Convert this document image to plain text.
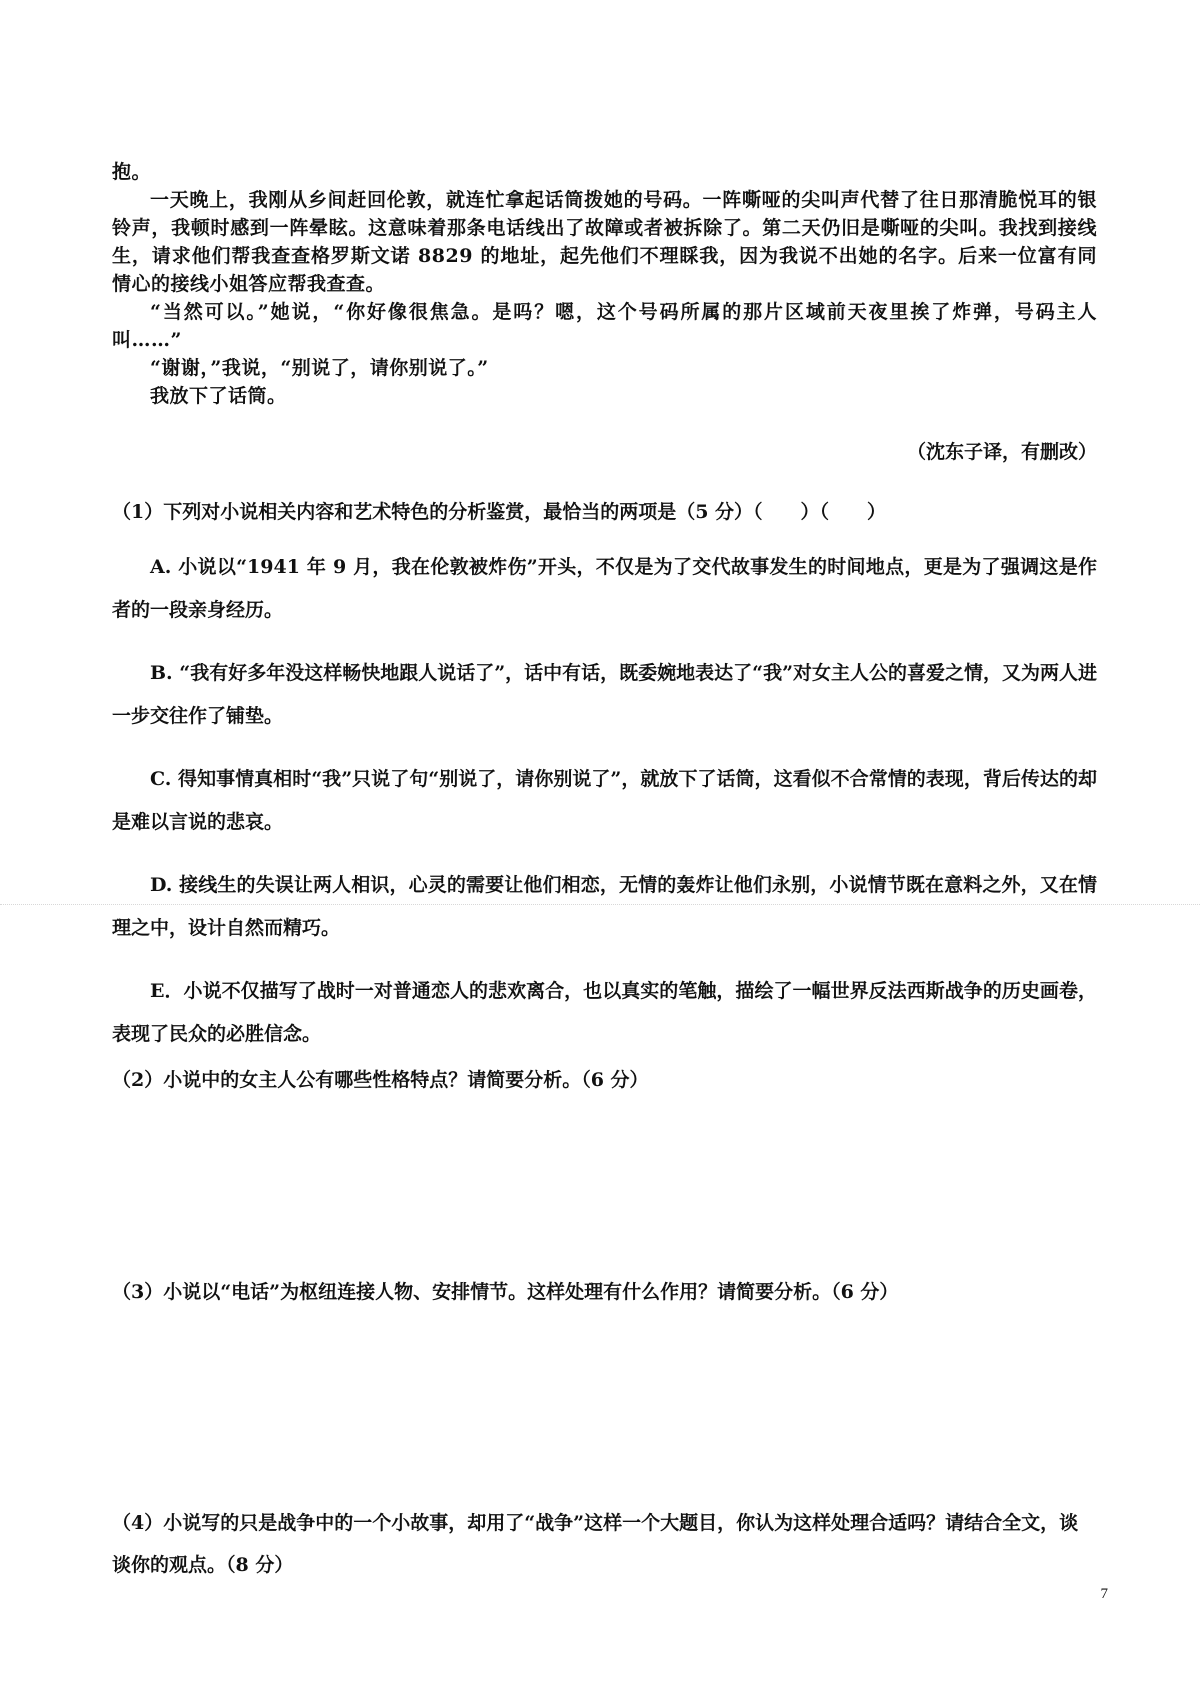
抱。

一天晚上，我刚从乡间赶回伦敦，就连忙拿起话筒拨她的号码。一阵嘶哑的尖叫声代替了往日那清脆悦耳的银铃声，我顿时感到一阵晕眩。这意味着那条电话线出了故障或者被拆除了。第二天仍旧是嘶哑的尖叫。我找到接线生，请求他们帮我查查格罗斯文诺 8829 的地址，起先他们不理睬我，因为我说不出她的名字。后来一位富有同情心的接线小姐答应帮我查查。

“当然可以。”她说，“你好像很焦急。是吗？嗯，这个号码所属的那片区域前天夜里挨了炸弹，号码主人叫……”

“谢谢，”我说，“别说了，请你别说了。”

我放下了话筒。

（沈东子译，有删改）

（1）下列对小说相关内容和艺术特色的分析鉴赏，最恰当的两项是（5 分）（　　）（　　）

A. 小说以“1941 年 9 月，我在伦敦被炸伤”开头，不仅是为了交代故事发生的时间地点，更是为了强调这是作者的一段亲身经历。

B. “我有好多年没这样畅快地跟人说话了”，话中有话，既委婉地表达了“我”对女主人公的喜爱之情，又为两人进一步交往作了铺垫。

C. 得知事情真相时“我”只说了句“别说了，请你别说了”，就放下了话筒，这看似不合常情的表现，背后传达的却是难以言说的悲哀。

D. 接线生的失误让两人相识，心灵的需要让他们相恋，无情的轰炸让他们永别，小说情节既在意料之外，又在情理之中，设计自然而精巧。

E．小说不仅描写了战时一对普通恋人的悲欢离合，也以真实的笔触，描绘了一幅世界反法西斯战争的历史画卷，表现了民众的必胜信念。

（2）小说中的女主人公有哪些性格特点？请简要分析。（6 分）

（3）小说以“电话”为枢纽连接人物、安排情节。这样处理有什么作用？请简要分析。（6 分）

（4）小说写的只是战争中的一个小故事，却用了“战争”这样一个大题目，你认为这样处理合适吗？请结合全文，谈谈你的观点。（8 分）

7
